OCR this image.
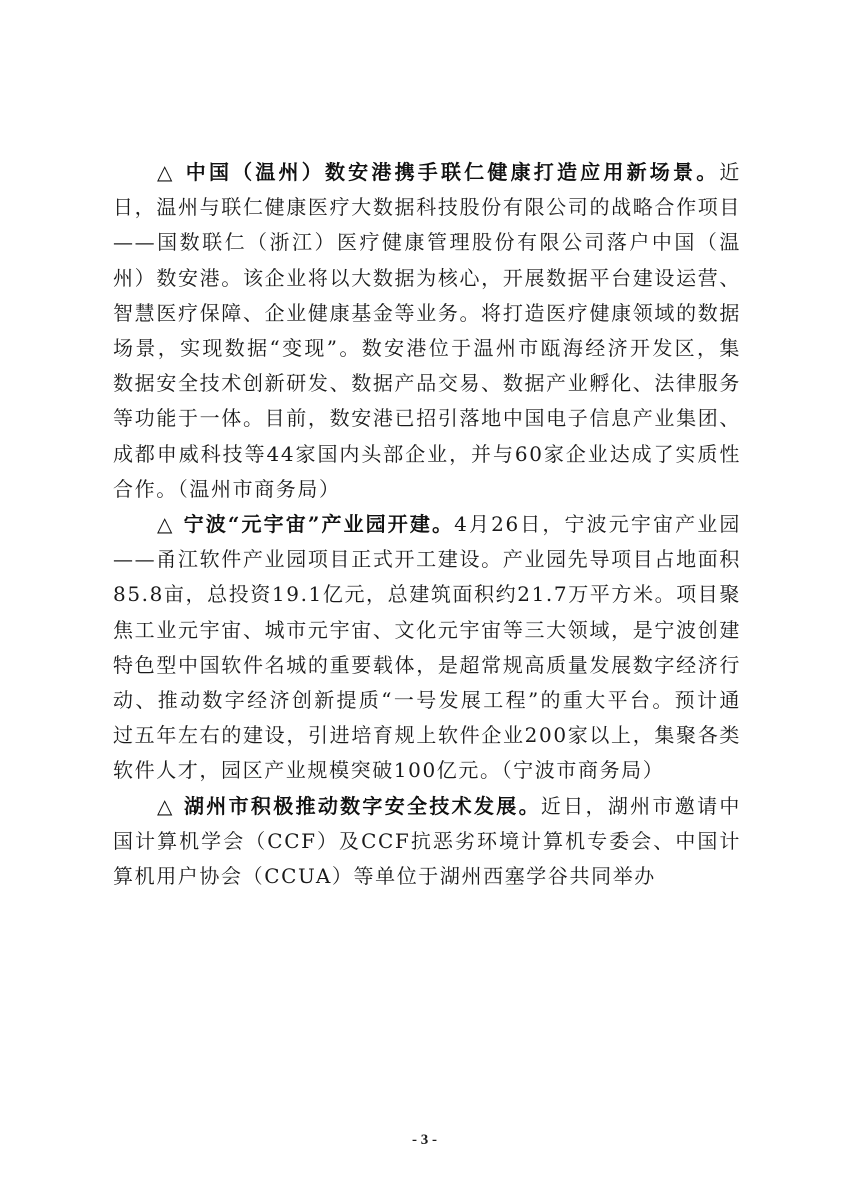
△ 中国（温州）数安港携手联仁健康打造应用新场景。近日，温州与联仁健康医疗大数据科技股份有限公司的战略合作项目——国数联仁（浙江）医疗健康管理股份有限公司落户中国（温州）数安港。该企业将以大数据为核心，开展数据平台建设运营、智慧医疗保障、企业健康基金等业务。将打造医疗健康领域的数据场景，实现数据“变现”。数安港位于温州市瓯海经济开发区，集数据安全技术创新研发、数据产品交易、数据产业孵化、法律服务等功能于一体。目前，数安港已招引落地中国电子信息产业集团、成都申威科技等44家国内头部企业，并与60家企业达成了实质性合作。（温州市商务局）

△ 宁波“元宇宙”产业园开建。4月26日，宁波元宇宙产业园——甬江软件产业园项目正式开工建设。产业园先导项目占地面积85.8亩，总投资19.1亿元，总建筑面积约21.7万平方米。项目聚焦工业元宇宙、城市元宇宙、文化元宇宙等三大领域，是宁波创建特色型中国软件名城的重要载体，是超常规高质量发展数字经济行动、推动数字经济创新提质“一号发展工程”的重大平台。预计通过五年左右的建设，引进培育规上软件企业200家以上，集聚各类软件人才，园区产业规模突破100亿元。（宁波市商务局）

△ 湖州市积极推动数字安全技术发展。近日，湖州市邀请中国计算机学会（CCF）及CCF抗恶劣环境计算机专委会、中国计算机用户协会（CCUA）等单位于湖州西塞学谷共同举办

- 3 -
